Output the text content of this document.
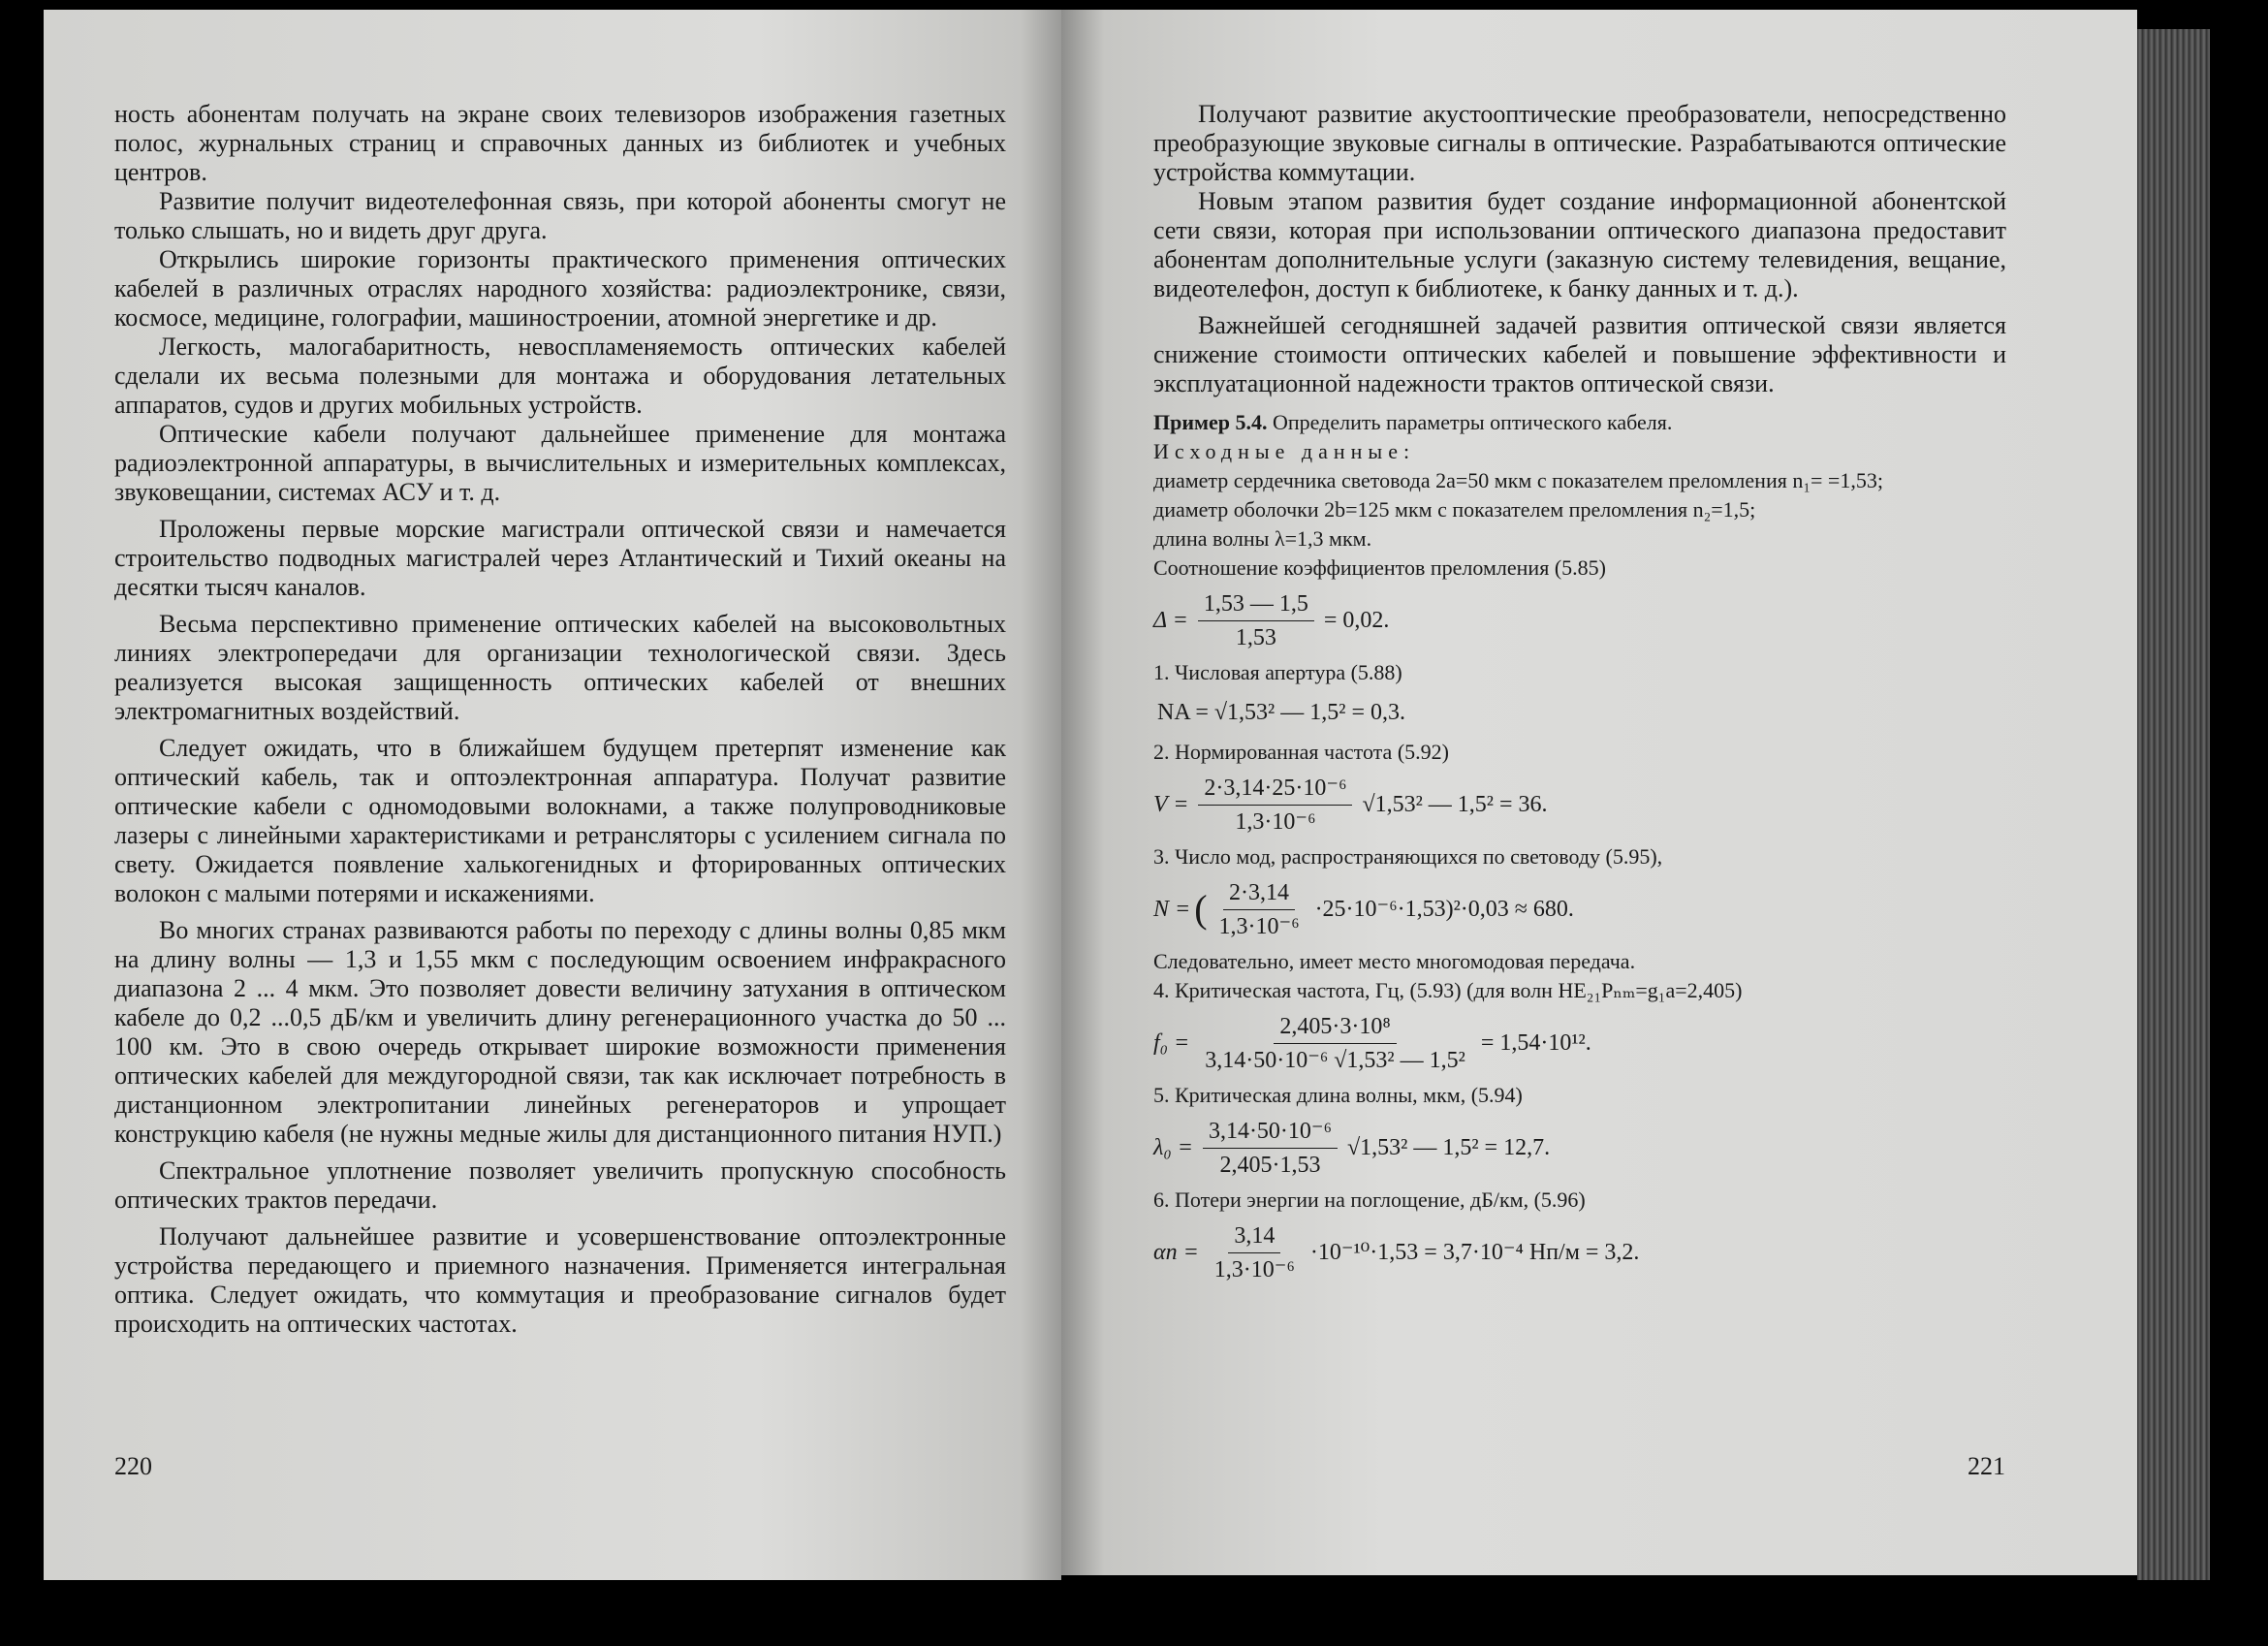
ность абонентам получать на экране своих телевизоров изображения газетных полос, журнальных страниц и справочных данных из библиотек и учебных центров.

Развитие получит видеотелефонная связь, при которой абоненты смогут не только слышать, но и видеть друг друга.

Открылись широкие горизонты практического применения оптических кабелей в различных отраслях народного хозяйства: радиоэлектронике, связи, космосе, медицине, голографии, машиностроении, атомной энергетике и др.

Легкость, малогабаритность, невоспламеняемость оптических кабелей сделали их весьма полезными для монтажа и оборудования летательных аппаратов, судов и других мобильных устройств.

Оптические кабели получают дальнейшее применение для монтажа радиоэлектронной аппаратуры, в вычислительных и измерительных комплексах, звуковещании, системах АСУ и т. д.

Проложены первые морские магистрали оптической связи и намечается строительство подводных магистралей через Атлантический и Тихий океаны на десятки тысяч каналов.

Весьма перспективно применение оптических кабелей на высоковольтных линиях электропередачи для организации технологической связи. Здесь реализуется высокая защищенность оптических кабелей от внешних электромагнитных воздействий.

Следует ожидать, что в ближайшем будущем претерпят изменение как оптический кабель, так и оптоэлектронная аппаратура. Получат развитие оптические кабели с одномодовыми волокнами, а также полупроводниковые лазеры с линейными характеристиками и ретрансляторы с усилением сигнала по свету. Ожидается появление халькогенидных и фторированных оптических волокон с малыми потерями и искажениями.

Во многих странах развиваются работы по переходу с длины волны 0,85 мкм на длину волны — 1,3 и 1,55 мкм с последующим освоением инфракрасного диапазона 2 ... 4 мкм. Это позволяет довести величину затухания в оптическом кабеле до 0,2 ...0,5 дБ/км и увеличить длину регенерационного участка до 50 ... 100 км. Это в свою очередь открывает широкие возможности применения оптических кабелей для междугородной связи, так как исключает потребность в дистанционном электропитании линейных регенераторов и упрощает конструкцию кабеля (не нужны медные жилы для дистанционного питания НУП.)

Спектральное уплотнение позволяет увеличить пропускную способность оптических трактов передачи.

Получают дальнейшее развитие и усовершенствование оптоэлектронные устройства передающего и приемного назначения. Применяется интегральная оптика. Следует ожидать, что коммутация и преобразование сигналов будет происходить на оптических частотах.

220

Получают развитие акустооптические преобразователи, непосредственно преобразующие звуковые сигналы в оптические. Разрабатываются оптические устройства коммутации.

Новым этапом развития будет создание информационной абонентской сети связи, которая при использовании оптического диапазона предоставит абонентам дополнительные услуги (заказную систему телевидения, вещание, видеотелефон, доступ к библиотеке, к банку данных и т. д.).

Важнейшей сегодняшней задачей развития оптической связи является снижение стоимости оптических кабелей и повышение эффективности и эксплуатационной надежности трактов оптической связи.

Пример 5.4. Определить параметры оптического кабеля.
Исходные данные:
диаметр сердечника световода 2a=50 мкм с показателем преломления n₁= =1,53;
диаметр оболочки 2b=125 мкм с показателем преломления n₂=1,5;
длина волны λ=1,3 мкм.
Соотношение коэффициентов преломления (5.85)
$\Delta = \frac{1,53 — 1,5}{1,53} = 0,02$.
1. Числовая апертура (5.88)
NA = √1,53² — 1,5² = 0,3.
2. Нормированная частота (5.92)
$V = \frac{\text{2·3,14·25·10⁻⁶}}{\text{1,3·10⁻⁶}} √1,53^2$ — 1,5² = 36.
3. Число мод, распространяющихся по световоду (5.95),
N = ( $\frac{2\cdot 3,14}{\text{1,3·10⁻⁶}} \cdot 25\cdot 10^{-6}\cdot 1,53)^2\cdot 0,03 \approx 680$.
Следовательно, имеет место многомодовая передача.
4. Критическая частота, Гц, (5.93) (для волн HE₂₁Pₙₘ=g₁a=2,405)
$f_0 = \frac{\text{2,405·3·10⁸}}{\text{3,14·50·10⁻⁶ √1,53² — 1,5²}} = 1,54\cdot 10^{12}$.
5. Критическая длина волны, мкм, (5.94)
$\lambda_0 = \frac{\text{3,14·50·10⁻⁶}}{2,405\cdot 1,53} √1,53^2$ — 1,5² = 12,7.
6. Потери энергии на поглощение, дБ/км, (5.96)
$\alpha п = \frac{3,14}{\text{1,3·10⁻⁶}} \cdot 10^{-10}\cdot 1,53 = 3,7\cdot 10^{-4}$ Нп/м = 3,2.
221
